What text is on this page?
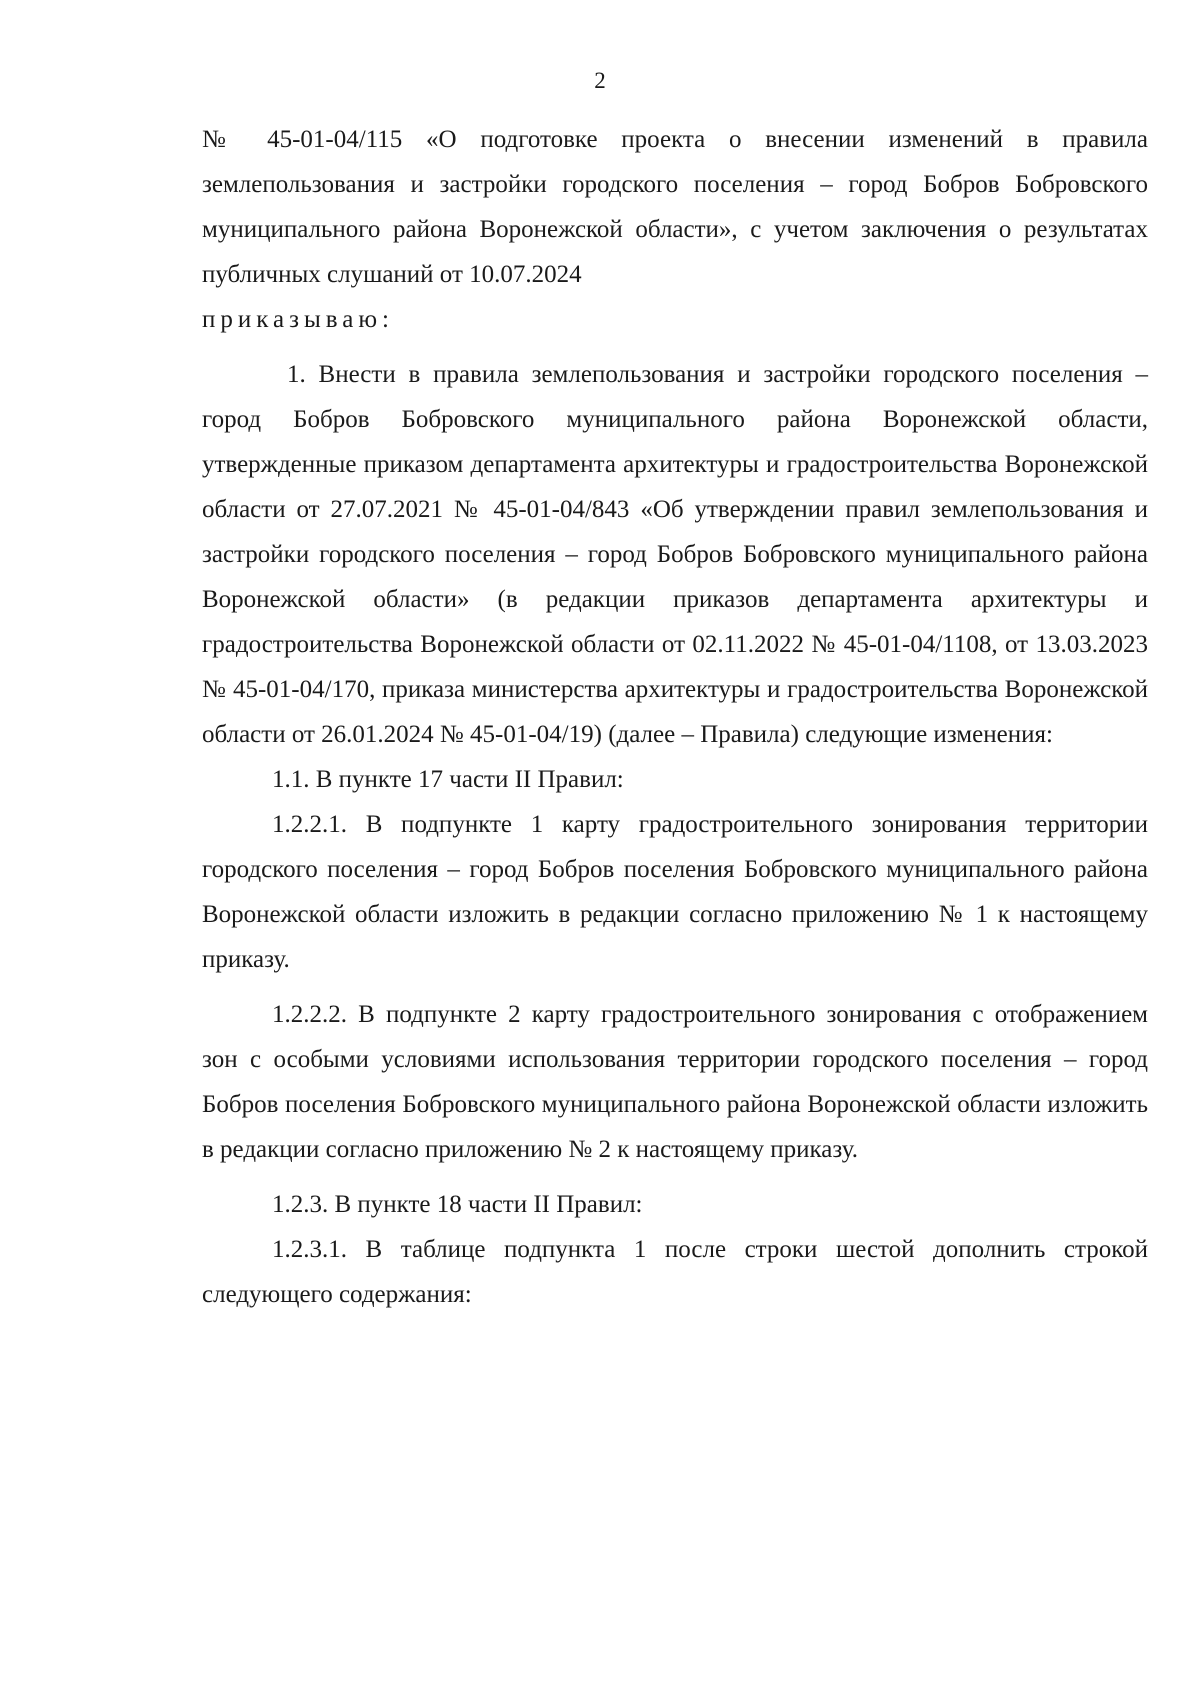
2

№ 45-01-04/115 «О подготовке проекта о внесении изменений в правила землепользования и застройки городского поселения – город Бобров Бобровского муниципального района Воронежской области», с учетом заключения о результатах публичных слушаний от 10.07.2024

приказываю:

1. Внести в правила землепользования и застройки городского поселения – город Бобров Бобровского муниципального района Воронежской области, утвержденные приказом департамента архитектуры и градостроительства Воронежской области от 27.07.2021 № 45-01-04/843 «Об утверждении правил землепользования и застройки городского поселения – город Бобров Бобровского муниципального района Воронежской области» (в редакции приказов департамента архитектуры и градостроительства Воронежской области от 02.11.2022 № 45-01-04/1108, от 13.03.2023 № 45-01-04/170, приказа министерства архитектуры и градостроительства Воронежской области от 26.01.2024 № 45-01-04/19) (далее – Правила) следующие изменения:

1.1. В пункте 17 части II Правил:

1.2.2.1. В подпункте 1 карту градостроительного зонирования территории городского поселения – город Бобров поселения Бобровского муниципального района Воронежской области изложить в редакции согласно приложению № 1 к настоящему приказу.

1.2.2.2. В подпункте 2 карту градостроительного зонирования с отображением зон с особыми условиями использования территории городского поселения – город Бобров поселения Бобровского муниципального района Воронежской области изложить в редакции согласно приложению № 2 к настоящему приказу.

1.2.3. В пункте 18 части II Правил:

1.2.3.1. В таблице подпункта 1 после строки шестой дополнить строкой следующего содержания:
